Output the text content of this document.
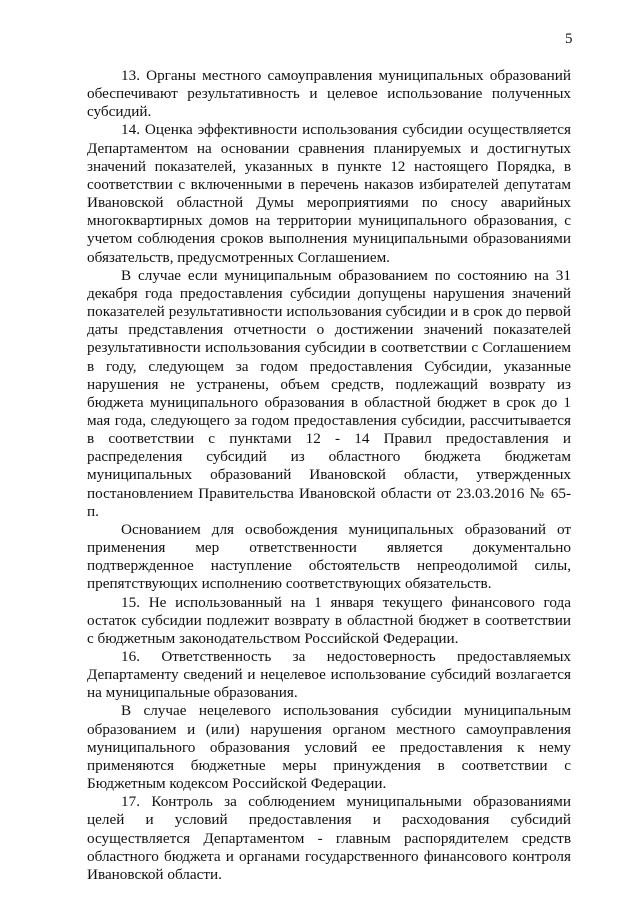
5

13. Органы местного самоуправления муниципальных образований обеспечивают результативность и целевое использование полученных субсидий.

14. Оценка эффективности использования субсидии осуществляется Департаментом на основании сравнения планируемых и достигнутых значений показателей, указанных в пункте 12 настоящего Порядка, в соответствии с включенными в перечень наказов избирателей депутатам Ивановской областной Думы мероприятиями по сносу аварийных многоквартирных домов на территории муниципального образования, с учетом соблюдения сроков выполнения муниципальными образованиями обязательств, предусмотренных Соглашением.

В случае если муниципальным образованием по состоянию на 31 декабря года предоставления субсидии допущены нарушения значений показателей результативности использования субсидии и в срок до первой даты представления отчетности о достижении значений показателей результативности использования субсидии в соответствии с Соглашением в году, следующем за годом предоставления Субсидии, указанные нарушения не устранены, объем средств, подлежащий возврату из бюджета муниципального образования в областной бюджет в срок до 1 мая года, следующего за годом предоставления субсидии, рассчитывается в соответствии с пунктами 12 - 14 Правил предоставления и распределения субсидий из областного бюджета бюджетам муниципальных образований Ивановской области, утвержденных постановлением Правительства Ивановской области от 23.03.2016 № 65-п.

Основанием для освобождения муниципальных образований от применения мер ответственности является документально подтвержденное наступление обстоятельств непреодолимой силы, препятствующих исполнению соответствующих обязательств.

15. Не использованный на 1 января текущего финансового года остаток субсидии подлежит возврату в областной бюджет в соответствии с бюджетным законодательством Российской Федерации.

16. Ответственность за недостоверность предоставляемых Департаменту сведений и нецелевое использование субсидий возлагается на муниципальные образования.

В случае нецелевого использования субсидии муниципальным образованием и (или) нарушения органом местного самоуправления муниципального образования условий ее предоставления к нему применяются бюджетные меры принуждения в соответствии с Бюджетным кодексом Российской Федерации.

17. Контроль за соблюдением муниципальными образованиями целей и условий предоставления и расходования субсидий осуществляется Департаментом - главным распорядителем средств областного бюджета и органами государственного финансового контроля Ивановской области.
